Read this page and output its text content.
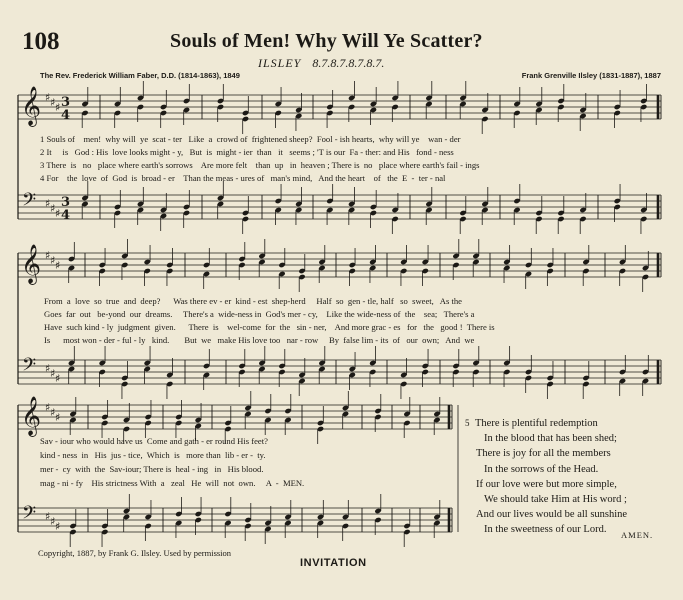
108	Souls of Men! Why Will Ye Scatter?
ILSLEY 8.7.8.7.8.7.8.7.
The Rev. Frederick William Faber, D.D. (1814-1863), 1849	Frank Grenville Ilsley (1831-1887), 1887
𝄞
𝄢
♯ ♯ ♯
♯ ♯ ♯
3
4
3
4
𝄞
𝄢
♯ ♯ ♯
♯ ♯ ♯
𝄞
𝄢
♯ ♯ ♯
♯ ♯ ♯
1 Souls of    men!  why will  ye  scat - ter   Like  a  crowd of  frightened sheep?  Fool - ish hearts,  why will ye    wan - der
2 It     is   God : His  love looks might - y,   But  is  might - ier  than   it   seems ; 'T is our  Fa - ther: and His   fond - ness
3 There  is   no   place where earth's sorrows    Are more felt    than  up   in  heaven ; There is  no   place where earth's fail - ings
4 For    the  love  of  God  is  broad - er    Than the meas - ures of   man's mind,   And the heart    of   the  E  -  ter - nal
From  a  love  so  true  and  deep?      Was there ev - er  kind - est  shep-herd     Half  so  gen - tle, half   so  sweet,   As the
Goes  far  out   be-yond  our  dreams.     There's a  wide-ness in  God's mer - cy,    Like the wide-ness of  the    sea;   There's a
Have  such kind - ly  judgment  given.      There  is    wel-come  for  the   sin - ner,    And more grac - es   for   the   good !  There is
Is      most won - der - ful - ly   kind.       But  we   make His love too   nar - row     By  false lim - its  of   our  own;   And  we
Sav - iour who would have us  Come and gath - er round His feet?
kind - ness  in   His  jus - tice,  Which  is   more than  lib - er -  ty.
mer -  cy  with  the  Sav-iour; There is  heal - ing   in   His blood.
mag - ni - fy    His strictness With  a   zeal   He  will  not  own.     A  -  MEN.
5 There is plentiful redemption
In the blood that has been shed;
There is joy for all the members
In the sorrows of the Head.
If our love were but more simple,
We should take Him at His word ;
And our lives would be all sunshine
In the sweetness of our Lord.	AMEN.
Copyright, 1887, by Frank G. Ilsley. Used by permission
INVITATION
